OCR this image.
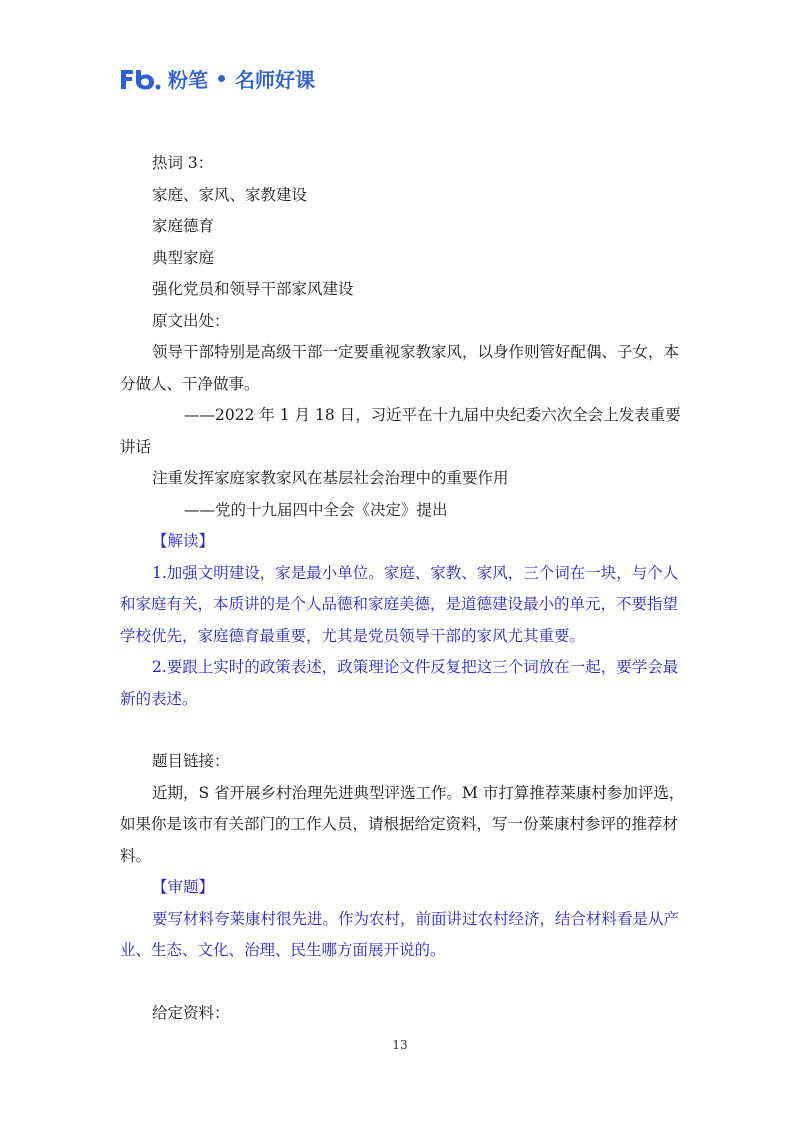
粉笔 名师好课

热词 3：

家庭、家风、家教建设

家庭德育

典型家庭

强化党员和领导干部家风建设

原文出处：

领导干部特别是高级干部一定要重视家教家风，以身作则管好配偶、子女，本分做人、干净做事。

——2022 年 1 月 18 日，习近平在十九届中央纪委六次全会上发表重要讲话

注重发挥家庭家教家风在基层社会治理中的重要作用

——党的十九届四中全会《决定》提出

【解读】

1.加强文明建设，家是最小单位。家庭、家教、家风，三个词在一块，与个人和家庭有关，本质讲的是个人品德和家庭美德，是道德建设最小的单元，不要指望学校优先，家庭德育最重要，尤其是党员领导干部的家风尤其重要。

2.要跟上实时的政策表述，政策理论文件反复把这三个词放在一起，要学会最新的表述。

题目链接：

近期，S 省开展乡村治理先进典型评选工作。M 市打算推荐莱康村参加评选，如果你是该市有关部门的工作人员，请根据给定资料，写一份莱康村参评的推荐材料。

【审题】

要写材料夸莱康村很先进。作为农村，前面讲过农村经济，结合材料看是从产业、生态、文化、治理、民生哪方面展开说的。

给定资料：

13
